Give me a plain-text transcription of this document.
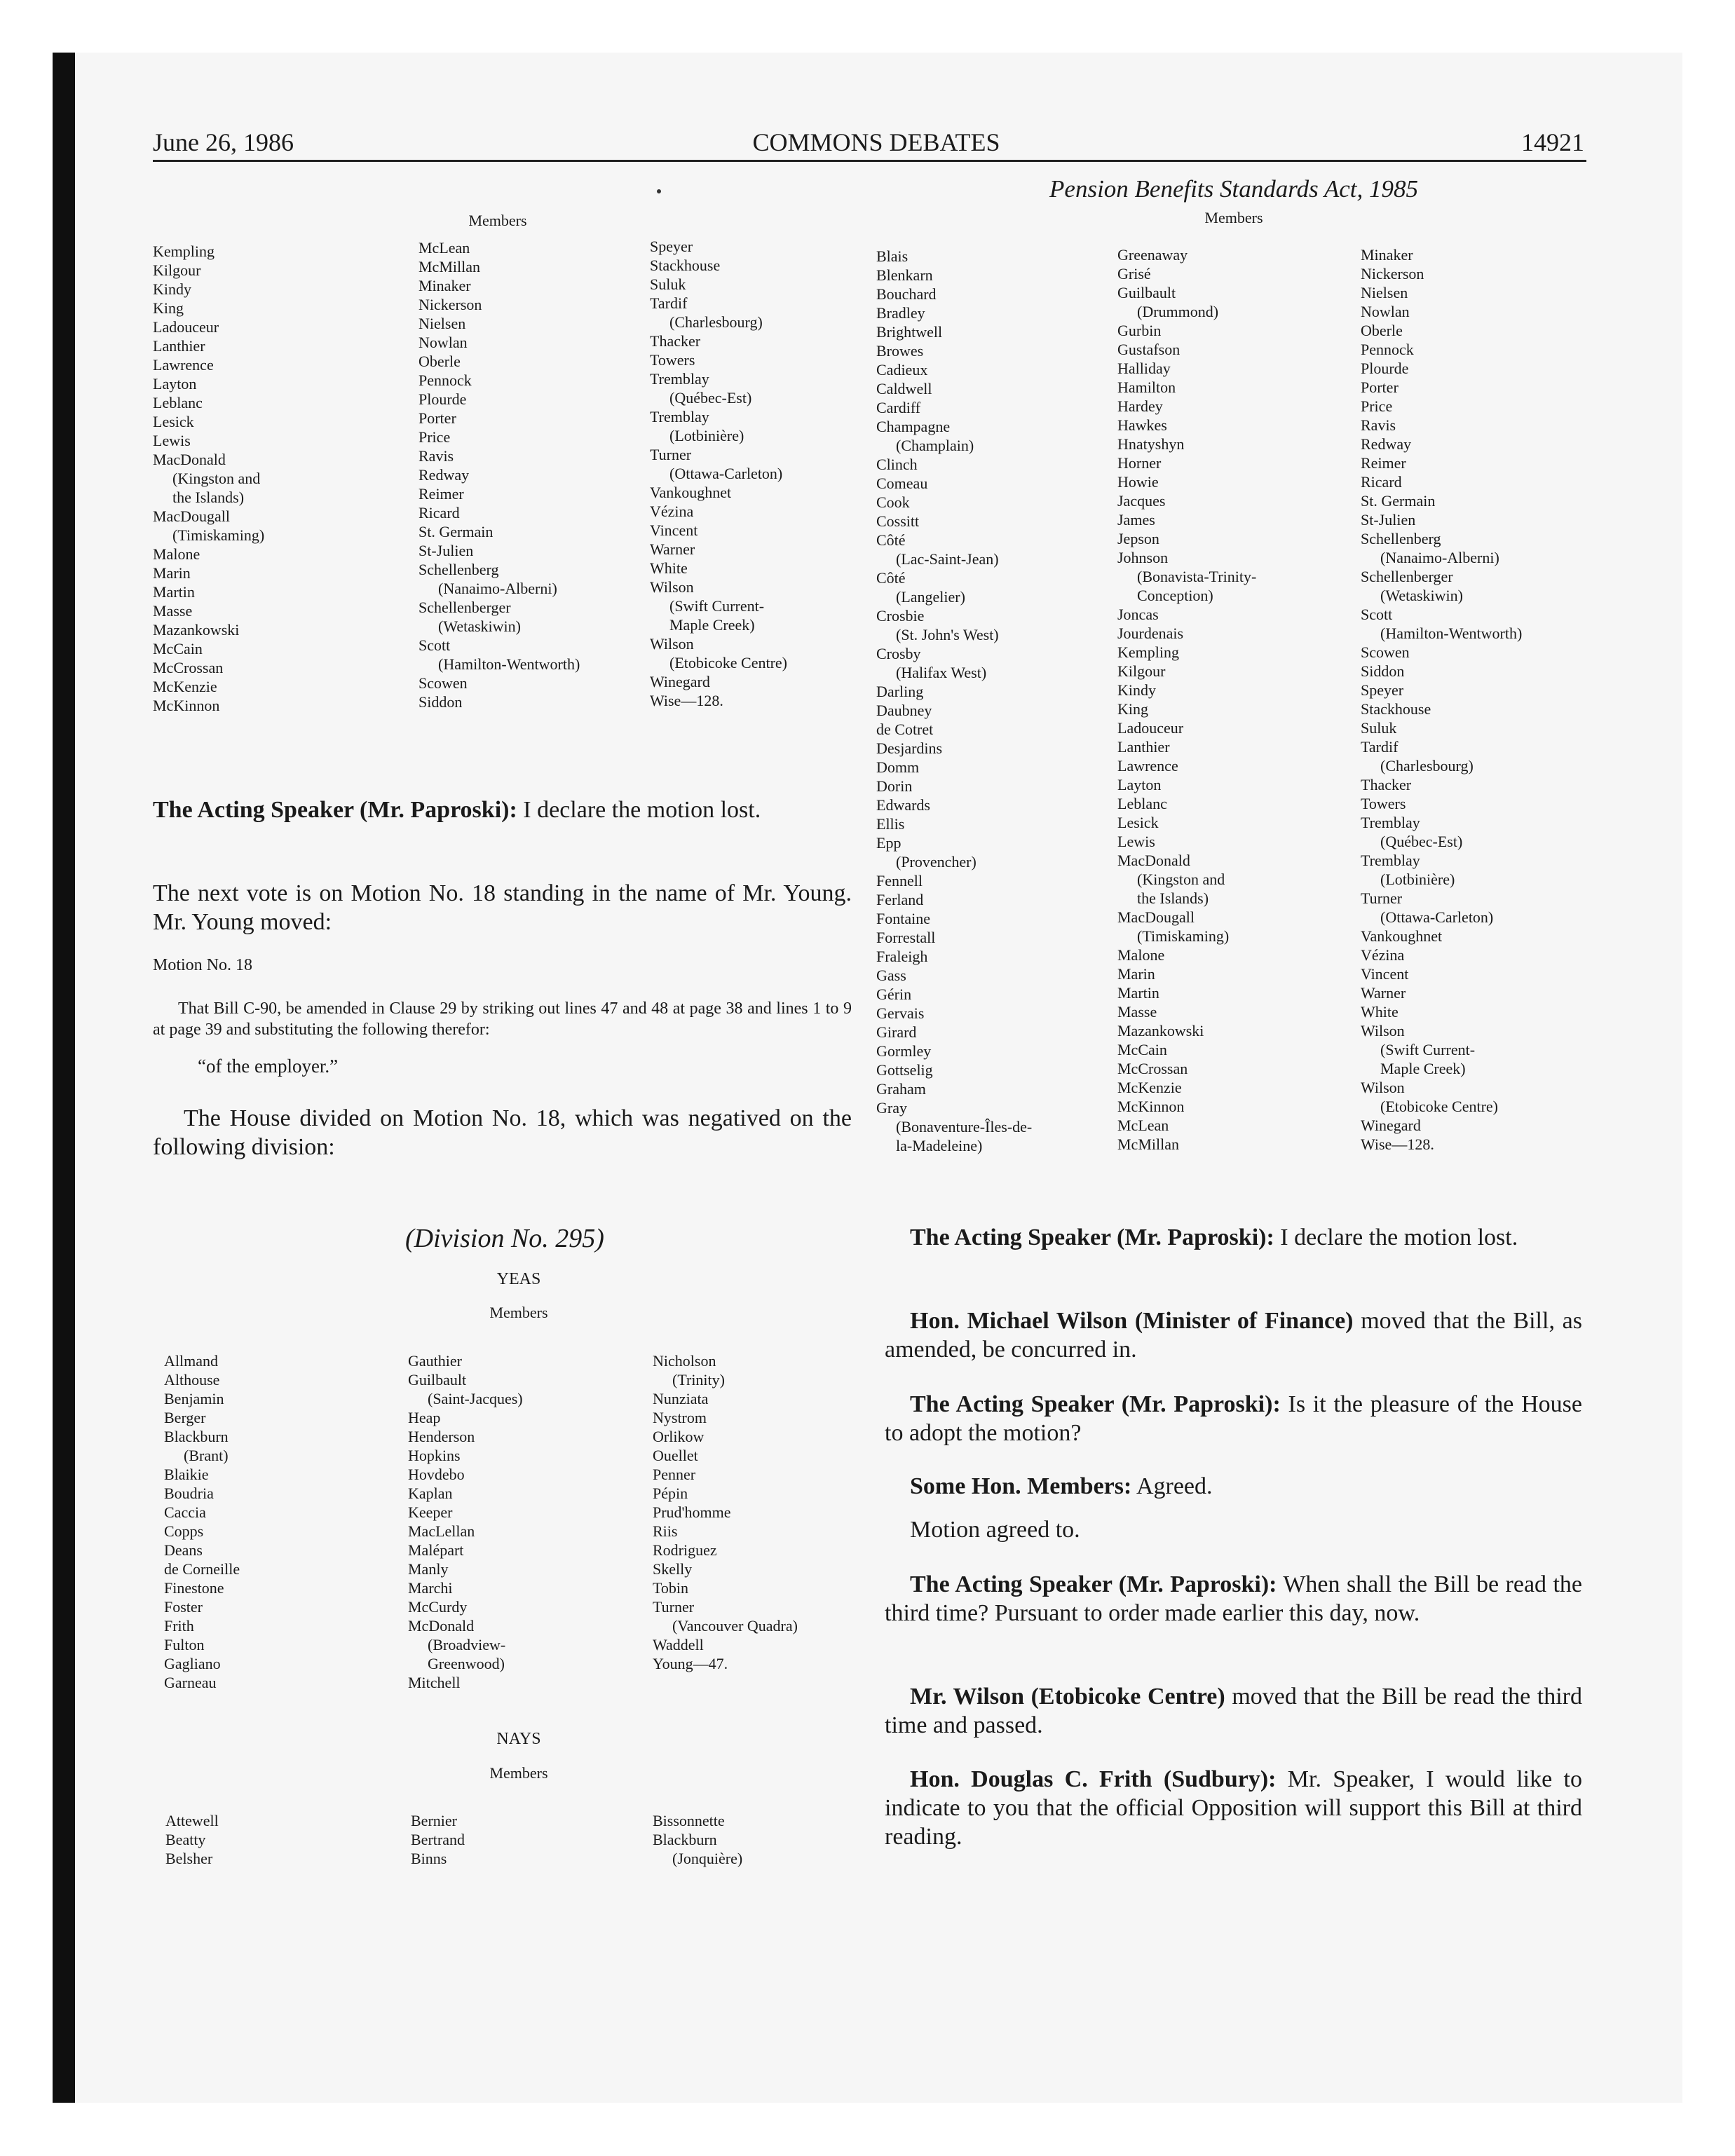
June 26, 1986	COMMONS DEBATES	14921
Members
Kempling
Kilgour
Kindy
King
Ladouceur
Lanthier
Lawrence
Layton
Leblanc
Lesick
Lewis
MacDonald
(Kingston and
the Islands)
MacDougall
(Timiskaming)
Malone
Marin
Martin
Masse
Mazankowski
McCain
McCrossan
McKenzie
McKinnon
McLean
McMillan
Minaker
Nickerson
Nielsen
Nowlan
Oberle
Pennock
Plourde
Porter
Price
Ravis
Redway
Reimer
Ricard
St. Germain
St-Julien
Schellenberg
(Nanaimo-Alberni)
Schellenberger
(Wetaskiwin)
Scott
(Hamilton-Wentworth)
Scowen
Siddon
Speyer
Stackhouse
Suluk
Tardif
(Charlesbourg)
Thacker
Towers
Tremblay
(Québec-Est)
Tremblay
(Lotbinière)
Turner
(Ottawa-Carleton)
Vankoughnet
Vézina
Vincent
Warner
White
Wilson
(Swift Current-
Maple Creek)
Wilson
(Etobicoke Centre)
Winegard
Wise—128.
The Acting Speaker (Mr. Paproski): I declare the motion lost.
The next vote is on Motion No. 18 standing in the name of Mr. Young. Mr. Young moved:
Motion No. 18
That Bill C-90, be amended in Clause 29 by striking out lines 47 and 48 at page 38 and lines 1 to 9 at page 39 and substituting the following therefor:
“of the employer.”
The House divided on Motion No. 18, which was negatived on the following division:
(Division No. 295)
YEAS
Members
Allmand
Althouse
Benjamin
Berger
Blackburn
(Brant)
Blaikie
Boudria
Caccia
Copps
Deans
de Corneille
Finestone
Foster
Frith
Fulton
Gagliano
Garneau
Gauthier
Guilbault
(Saint-Jacques)
Heap
Henderson
Hopkins
Hovdebo
Kaplan
Keeper
MacLellan
Malépart
Manly
Marchi
McCurdy
McDonald
(Broadview-
Greenwood)
Mitchell
Nicholson
(Trinity)
Nunziata
Nystrom
Orlikow
Ouellet
Penner
Pépin
Prud'homme
Riis
Rodriguez
Skelly
Tobin
Turner
(Vancouver Quadra)
Waddell
Young—47.
NAYS
Members
Attewell
Beatty
Belsher
Bernier
Bertrand
Binns
Bissonnette
Blackburn
(Jonquière)
Pension Benefits Standards Act, 1985
Members
Blais
Blenkarn
Bouchard
Bradley
Brightwell
Browes
Cadieux
Caldwell
Cardiff
Champagne
(Champlain)
Clinch
Comeau
Cook
Cossitt
Côté
(Lac-Saint-Jean)
Côté
(Langelier)
Crosbie
(St. John's West)
Crosby
(Halifax West)
Darling
Daubney
de Cotret
Desjardins
Domm
Dorin
Edwards
Ellis
Epp
(Provencher)
Fennell
Ferland
Fontaine
Forrestall
Fraleigh
Gass
Gérin
Gervais
Girard
Gormley
Gottselig
Graham
Gray
(Bonaventure-Îles-de-
la-Madeleine)
Greenaway
Grisé
Guilbault
(Drummond)
Gurbin
Gustafson
Halliday
Hamilton
Hardey
Hawkes
Hnatyshyn
Horner
Howie
Jacques
James
Jepson
Johnson
(Bonavista-Trinity-
Conception)
Joncas
Jourdenais
Kempling
Kilgour
Kindy
King
Ladouceur
Lanthier
Lawrence
Layton
Leblanc
Lesick
Lewis
MacDonald
(Kingston and
the Islands)
MacDougall
(Timiskaming)
Malone
Marin
Martin
Masse
Mazankowski
McCain
McCrossan
McKenzie
McKinnon
McLean
McMillan
Minaker
Nickerson
Nielsen
Nowlan
Oberle
Pennock
Plourde
Porter
Price
Ravis
Redway
Reimer
Ricard
St. Germain
St-Julien
Schellenberg
(Nanaimo-Alberni)
Schellenberger
(Wetaskiwin)
Scott
(Hamilton-Wentworth)
Scowen
Siddon
Speyer
Stackhouse
Suluk
Tardif
(Charlesbourg)
Thacker
Towers
Tremblay
(Québec-Est)
Tremblay
(Lotbinière)
Turner
(Ottawa-Carleton)
Vankoughnet
Vézina
Vincent
Warner
White
Wilson
(Swift Current-
Maple Creek)
Wilson
(Etobicoke Centre)
Winegard
Wise—128.
The Acting Speaker (Mr. Paproski): I declare the motion lost.
Hon. Michael Wilson (Minister of Finance) moved that the Bill, as amended, be concurred in.
The Acting Speaker (Mr. Paproski): Is it the pleasure of the House to adopt the motion?
Some Hon. Members: Agreed.
Motion agreed to.
The Acting Speaker (Mr. Paproski): When shall the Bill be read the third time? Pursuant to order made earlier this day, now.
Mr. Wilson (Etobicoke Centre) moved that the Bill be read the third time and passed.
Hon. Douglas C. Frith (Sudbury): Mr. Speaker, I would like to indicate to you that the official Opposition will support this Bill at third reading.
